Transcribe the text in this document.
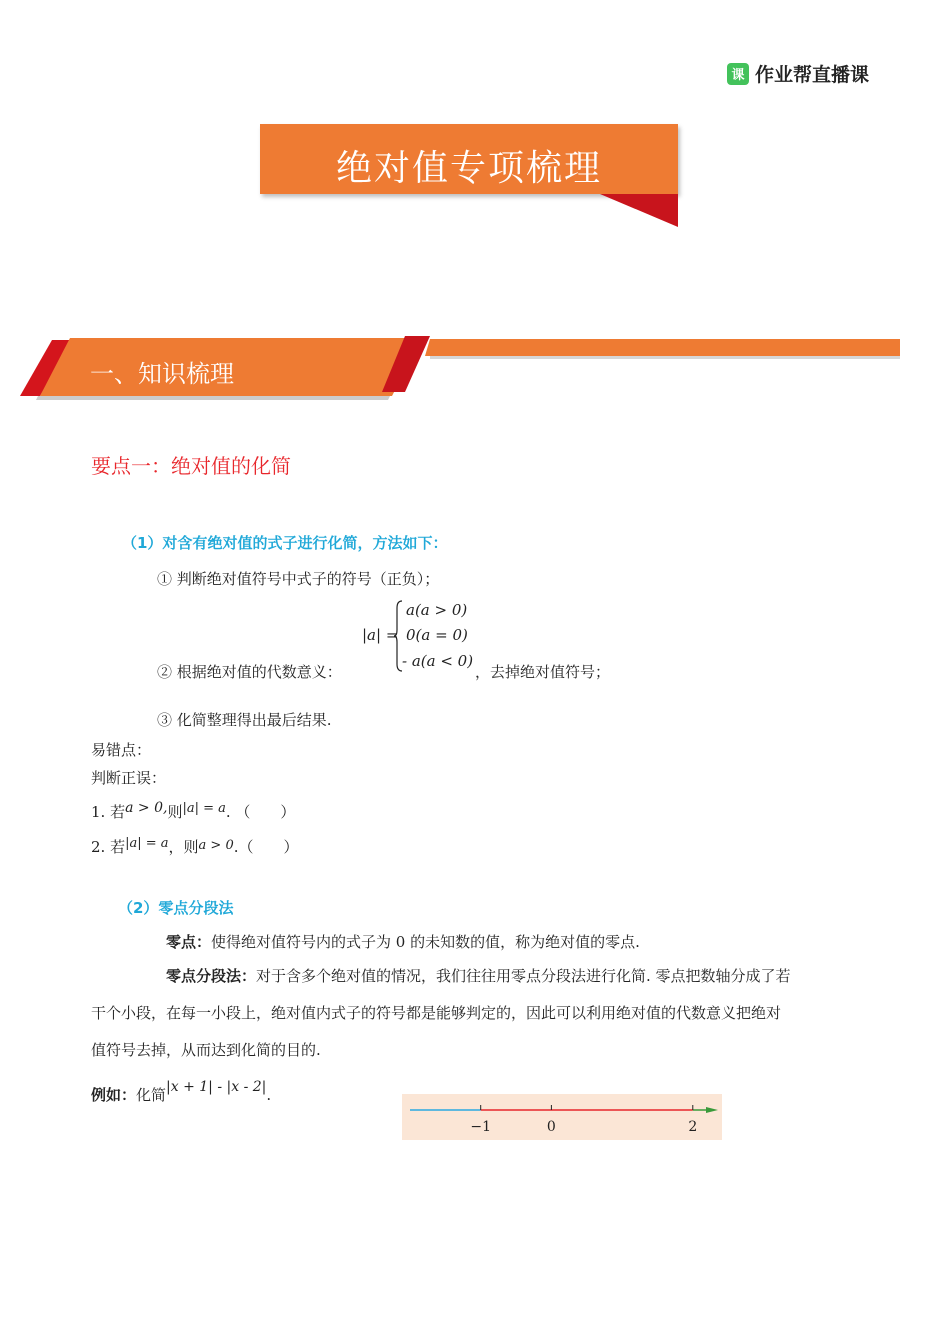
课 作业帮直播课
绝对值专项梳理
一、知识梳理
要点一：绝对值的化简
（1）对含有绝对值的式子进行化简，方法如下：
① 判断绝对值符号中式子的符号（正负）；
|a| =
a(a > 0)
0(a = 0)
- a(a < 0)
② 根据绝对值的代数意义：	，去掉绝对值符号；
③ 化简整理得出最后结果.
易错点：
判断正误：
1. 若a > 0,则|a| = a. （　　）
2. 若|a| = a，则a > 0.（　　）
（2）零点分段法
零点：使得绝对值符号内的式子为 0 的未知数的值，称为绝对值的零点.
零点分段法：对于含多个绝对值的情况，我们往往用零点分段法进行化简. 零点把数轴分成了若
干个小段，在每一小段上，绝对值内式子的符号都是能够判定的，因此可以利用绝对值的代数意义把绝对
值符号去掉，从而达到化简的目的.
例如：化简|x + 1| - |x - 2|.
−1	0	2
